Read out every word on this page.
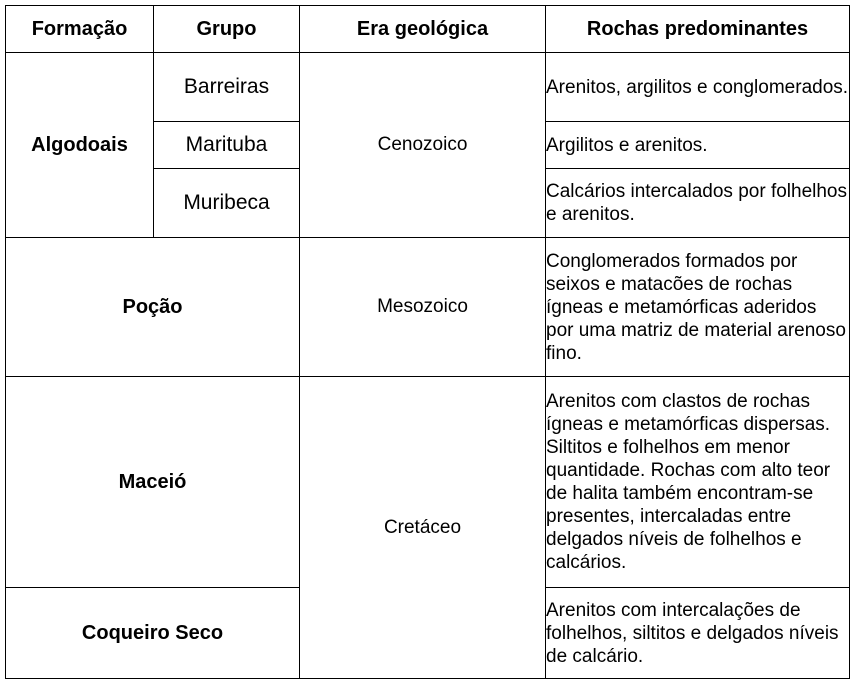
Formação	Grupo	Era geológica	Rochas predominantes
Algodoais	Barreiras	Cenozoico	Arenitos, argilitos e conglomerados.
	Marituba		Argilitos e arenitos.
	Muribeca		Calcários intercalados por folhelhos e arenitos.
Poção		Mesozoico	Conglomerados formados por seixos e matacões de rochas ígneas e metamórficas aderidos por uma matriz de material arenoso fino.
Maceió		Cretáceo	Arenitos com clastos de rochas ígneas e metamórficas dispersas. Siltitos e folhelhos em menor quantidade. Rochas com alto teor de halita também encontram-se presentes, intercaladas entre delgados níveis de folhelhos e calcários.
Coqueiro Seco			Arenitos com intercalações de folhelhos, siltitos e delgados níveis de calcário.
